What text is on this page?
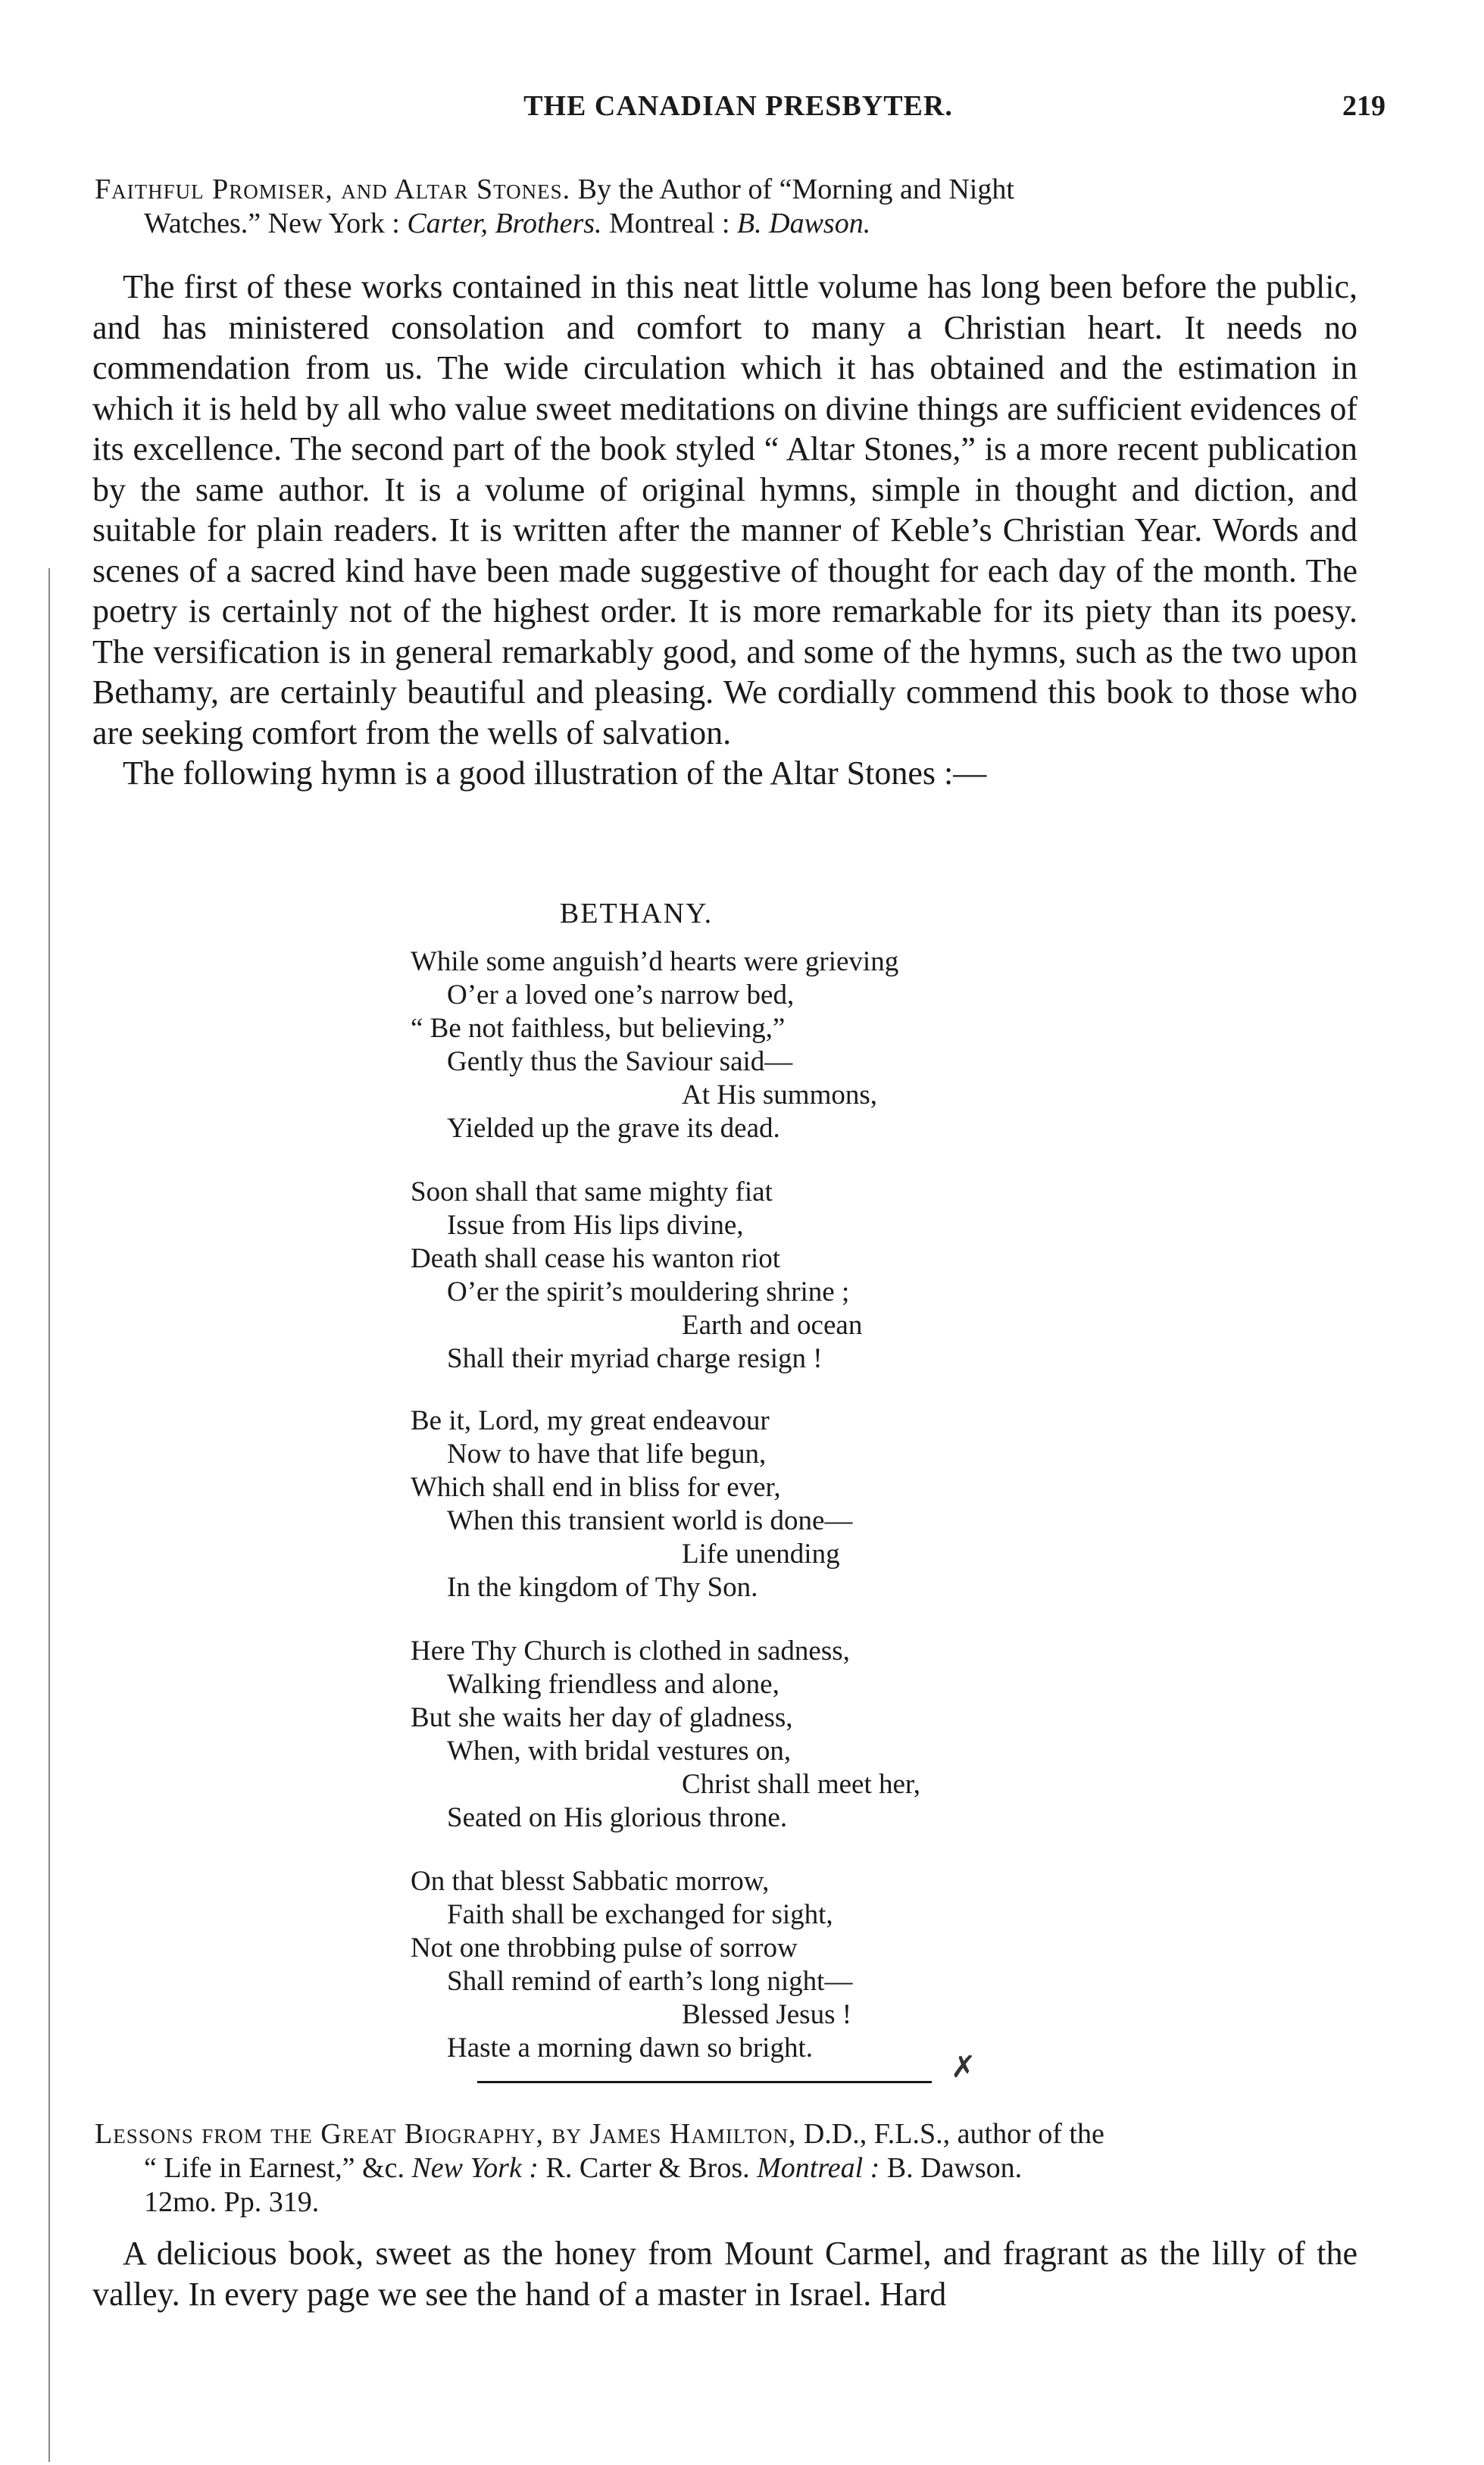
THE CANADIAN PRESBYTER.	219
Faithful Promiser, and Altar Stones. By the Author of “Morning and Night
Watches.” New York : Carter, Brothers. Montreal : B. Dawson.

The first of these works contained in this neat little volume has long been before the public, and has ministered consolation and comfort to many a Christian heart. It needs no commendation from us. The wide circulation which it has obtained and the estimation in which it is held by all who value sweet meditations on divine things are sufficient evidences of its excellence. The second part of the book styled “ Altar Stones,” is a more recent publication by the same author. It is a volume of original hymns, simple in thought and diction, and suitable for plain readers. It is written after the manner of Keble’s Christian Year. Words and scenes of a sacred kind have been made suggestive of thought for each day of the month. The poetry is certainly not of the highest order. It is more remarkable for its piety than its poesy. The versification is in general remarkably good, and some of the hymns, such as the two upon Bethamy, are certainly beautiful and pleasing. We cordially commend this book to those who are seeking comfort from the wells of salvation.

The following hymn is a good illustration of the Altar Stones :—

BETHANY.
While some anguish’d hearts were grieving
O’er a loved one’s narrow bed,
“ Be not faithless, but believing,”
Gently thus the Saviour said—
At His summons,
Yielded up the grave its dead.
Soon shall that same mighty fiat
Issue from His lips divine,
Death shall cease his wanton riot
O’er the spirit’s mouldering shrine ;
Earth and ocean
Shall their myriad charge resign !
Be it, Lord, my great endeavour
Now to have that life begun,
Which shall end in bliss for ever,
When this transient world is done—
Life unending
In the kingdom of Thy Son.
Here Thy Church is clothed in sadness,
Walking friendless and alone,
But she waits her day of gladness,
When, with bridal vestures on,
Christ shall meet her,
Seated on His glorious throne.
On that blesst Sabbatic morrow,
Faith shall be exchanged for sight,
Not one throbbing pulse of sorrow
Shall remind of earth’s long night—
Blessed Jesus !
Haste a morning dawn so bright.
✗
Lessons from the Great Biography, by James Hamilton, D.D., F.L.S., author of the
“ Life in Earnest,” &c. New York : R. Carter & Bros. Montreal : B. Dawson.
12mo. Pp. 319.

A delicious book, sweet as the honey from Mount Carmel, and fragrant as the lilly of the valley. In every page we see the hand of a master in Israel. Hard
